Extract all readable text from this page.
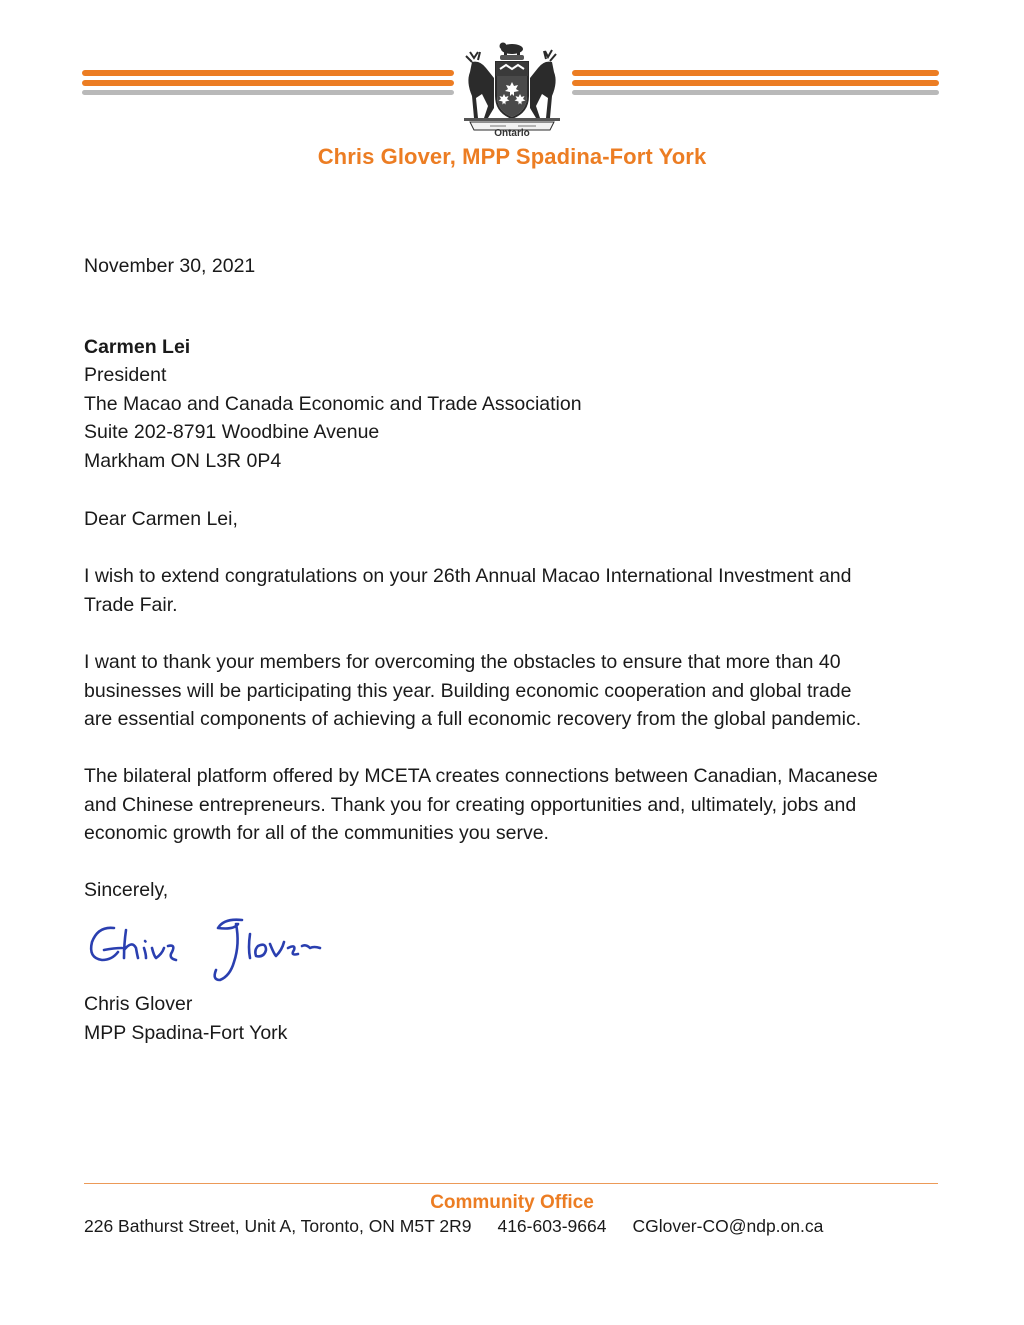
Ontario
Chris Glover, MPP Spadina-Fort York
November 30, 2021
Carmen Lei
President
The Macao and Canada Economic and Trade Association
Suite 202-8791 Woodbine Avenue
Markham ON L3R 0P4
Dear Carmen Lei,
I wish to extend congratulations on your 26th Annual Macao International Investment and
Trade Fair.
I want to thank your members for overcoming the obstacles to ensure that more than 40
businesses will be participating this year. Building economic cooperation and global trade
are essential components of achieving a full economic recovery from the global pandemic.
The bilateral platform offered by MCETA creates connections between Canadian, Macanese
and Chinese entrepreneurs. Thank you for creating opportunities and, ultimately, jobs and
economic growth for all of the communities you serve.
Sincerely,
Chris Glover
MPP Spadina-Fort York
Community Office
226 Bathurst Street, Unit A, Toronto, ON M5T 2R9 416-603-9664 CGlover-CO@ndp.on.ca
